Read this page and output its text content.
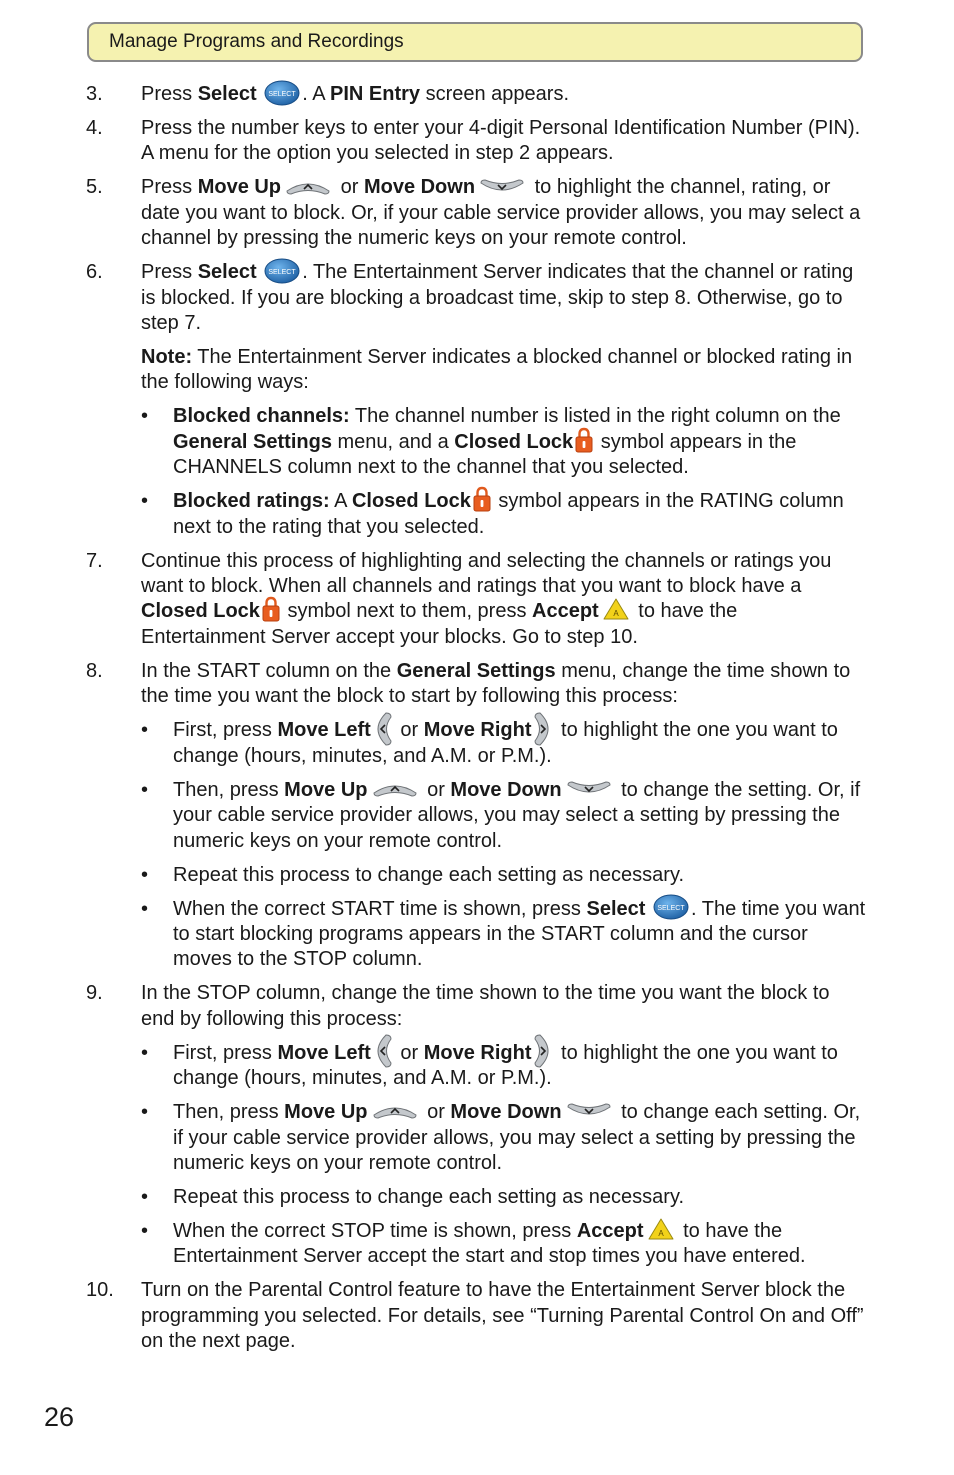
Manage Programs and Recordings
3. Press Select SELECT . A PIN Entry screen appears.
4. Press the number keys to enter your 4-digit Personal Identification Number (PIN). A menu for the option you selected in step 2 appears.
5. Press Move Up	or Move Down	to highlight the channel, rating, or date you want to block. Or, if your cable service provider allows, you may select a channel by pressing the numeric keys on your remote control.
6. Press Select SELECT . The Entertainment Server indicates that the channel or rating is blocked. If you are blocking a broadcast time, skip to step 8. Otherwise, go to step 7.
Note: The Entertainment Server indicates a blocked channel or blocked rating in the following ways:
• Blocked channels: The channel number is listed in the right column on the General Settings menu, and a Closed Lock
symbol appears in the CHANNELS column next to the channel that you selected.
• Blocked ratings: A Closed Lock
symbol appears in the RATING column next to the rating that you selected.
7. Continue this process of highlighting and selecting the channels or ratings you want to block. When all channels and ratings that you want to block have a Closed Lock
symbol next to them, press Accept A to have the Entertainment Server accept your blocks. Go to step 10.
8. In the START column on the General Settings menu, change the time shown to the time you want the block to start by following this process:
• First, press Move Left
or Move Right
to highlight the one you want to change (hours, minutes, and A.M. or P.M.).
• Then, press Move Up	or Move Down	to change the setting. Or, if your cable service provider allows, you may select a setting by pressing the numeric keys on your remote control.
• Repeat this process to change each setting as necessary.
• When the correct START time is shown, press Select SELECT . The time you want to start blocking programs appears in the START column and the cursor moves to the STOP column.
9. In the STOP column, change the time shown to the time you want the block to end by following this process:
• First, press Move Left
or Move Right
to highlight the one you want to change (hours, minutes, and A.M. or P.M.).
• Then, press Move Up	or Move Down	to change each setting. Or, if your cable service provider allows, you may select a setting by pressing the numeric keys on your remote control.
• Repeat this process to change each setting as necessary.
• When the correct STOP time is shown, press Accept A to have the Entertainment Server accept the start and stop times you have entered.
10. Turn on the Parental Control feature to have the Entertainment Server block the programming you selected. For details, see “Turning Parental Control On and Off” on the next page.
26
